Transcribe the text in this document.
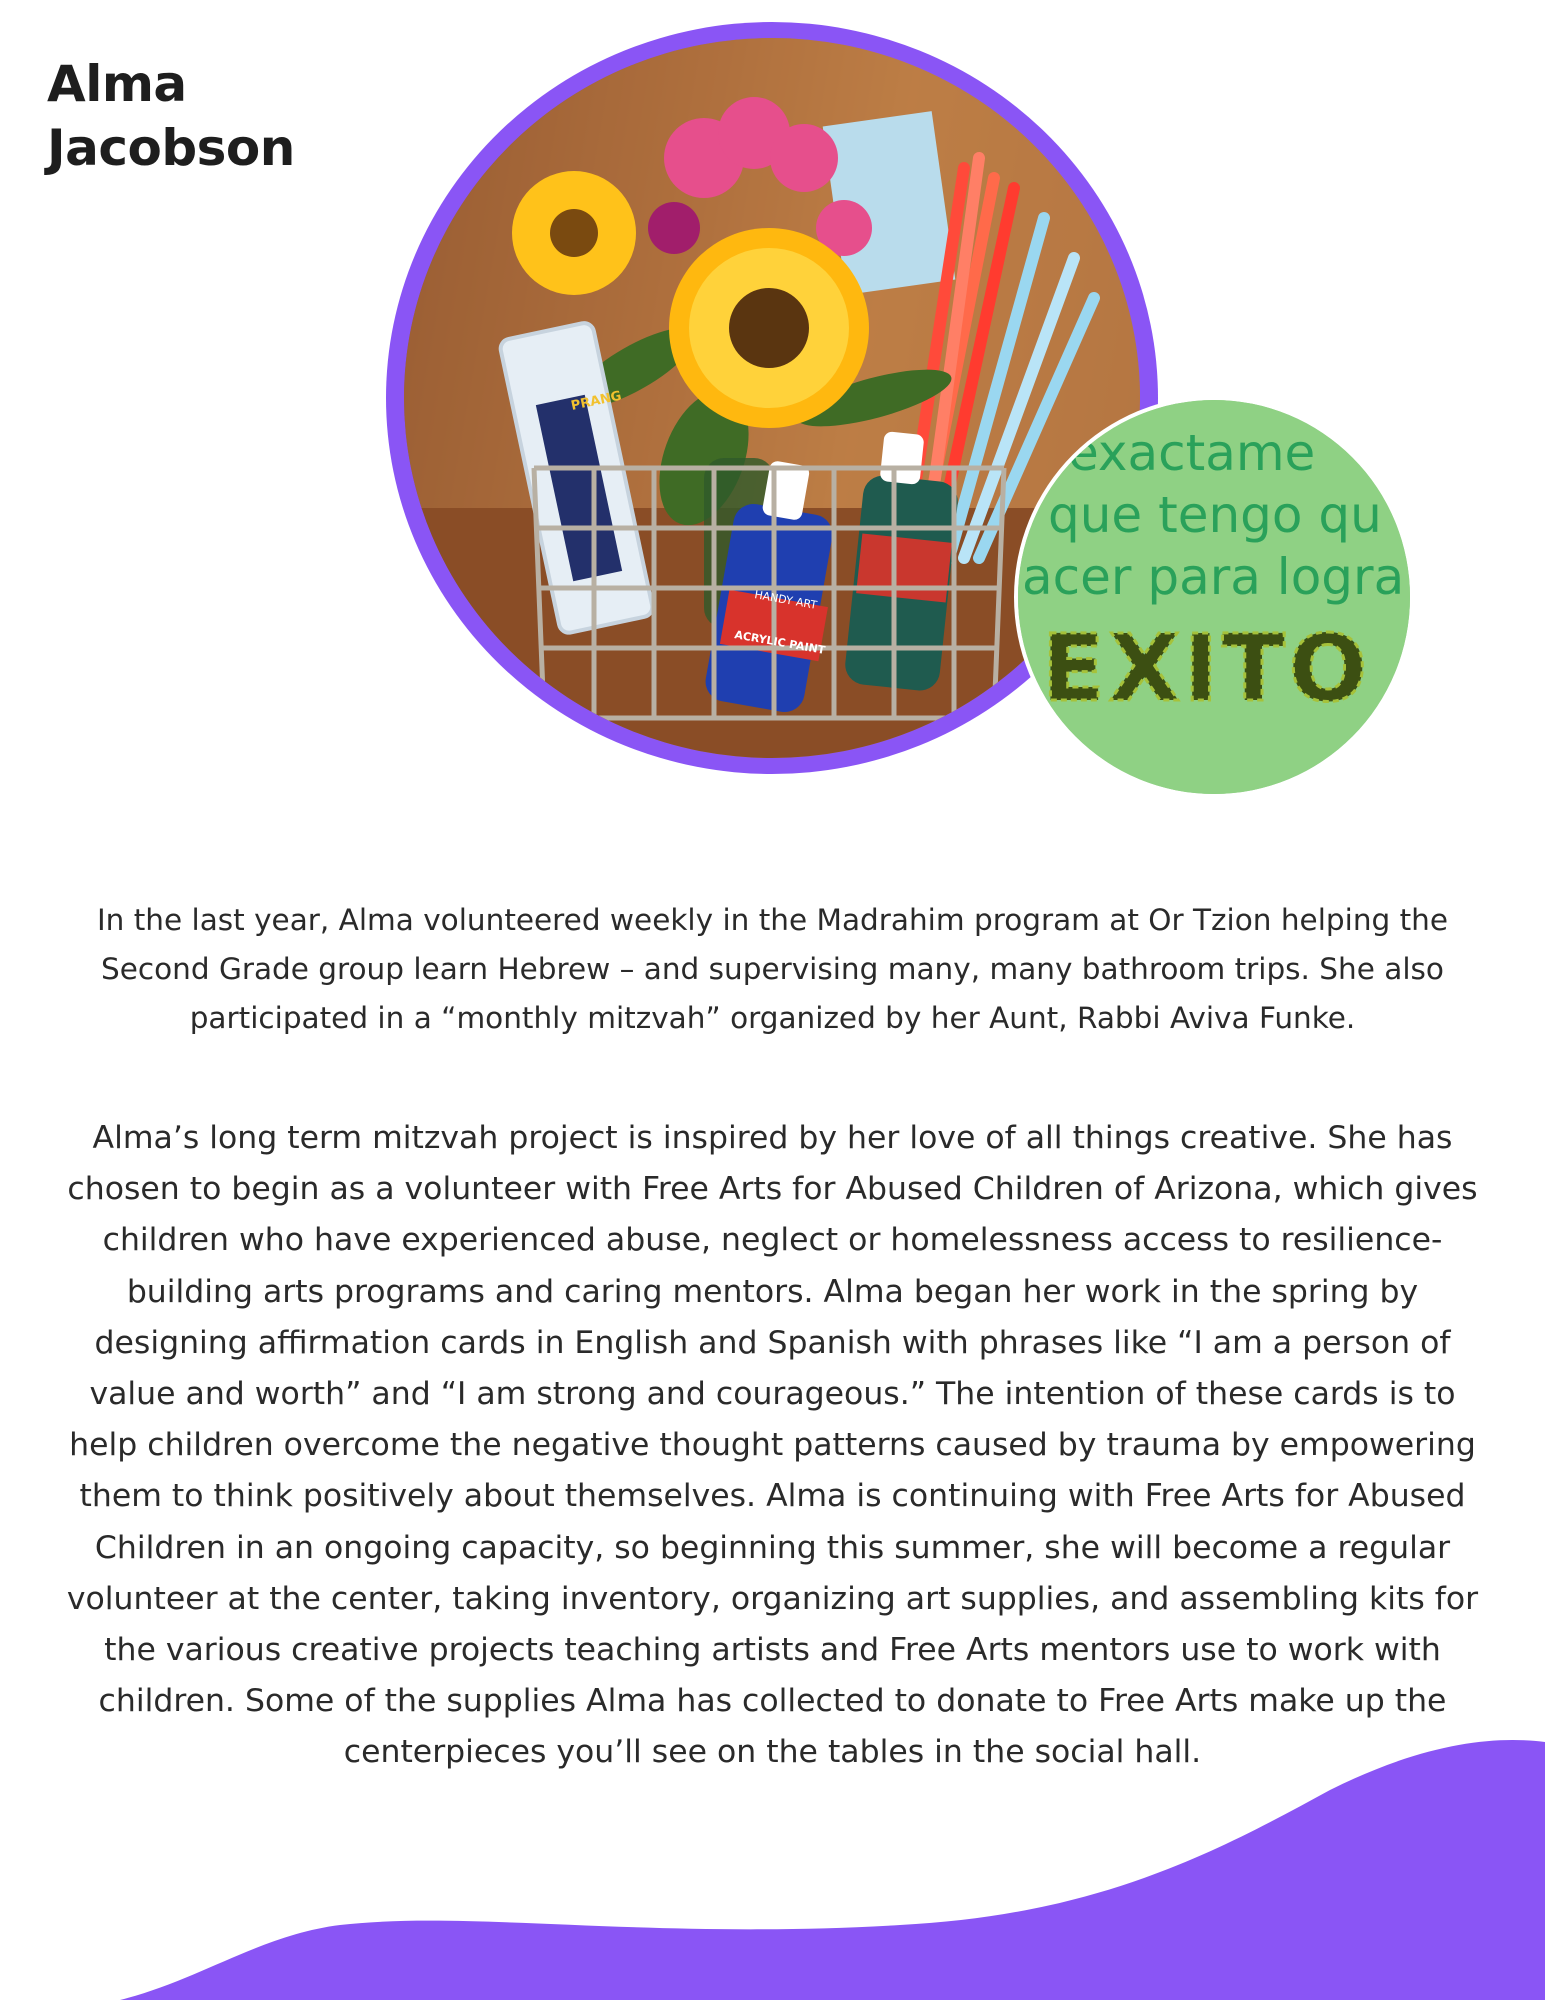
Alma
Jacobson
PRANG
HANDY ART
ACRYLIC PAINT
exactame
que tengo qu
acer para logra
EXITO

In the last year, Alma volunteered weekly in the Madrahim program at Or Tzion helping the Second Grade group learn Hebrew – and supervising many, many bathroom trips. She also participated in a “monthly mitzvah” organized by her Aunt, Rabbi Aviva Funke.

Alma’s long term mitzvah project is inspired by her love of all things creative. She has chosen to begin as a volunteer with Free Arts for Abused Children of Arizona, which gives children who have experienced abuse, neglect or homelessness access to resilience-building arts programs and caring mentors. Alma began her work in the spring by designing affirmation cards in English and Spanish with phrases like “I am a person of value and worth” and “I am strong and courageous.” The intention of these cards is to help children overcome the negative thought patterns caused by trauma by empowering them to think positively about themselves. Alma is continuing with Free Arts for Abused Children in an ongoing capacity, so beginning this summer, she will become a regular volunteer at the center, taking inventory, organizing art supplies, and assembling kits for the various creative projects teaching artists and Free Arts mentors use to work with children. Some of the supplies Alma has collected to donate to Free Arts make up the centerpieces you’ll see on the tables in the social hall.
